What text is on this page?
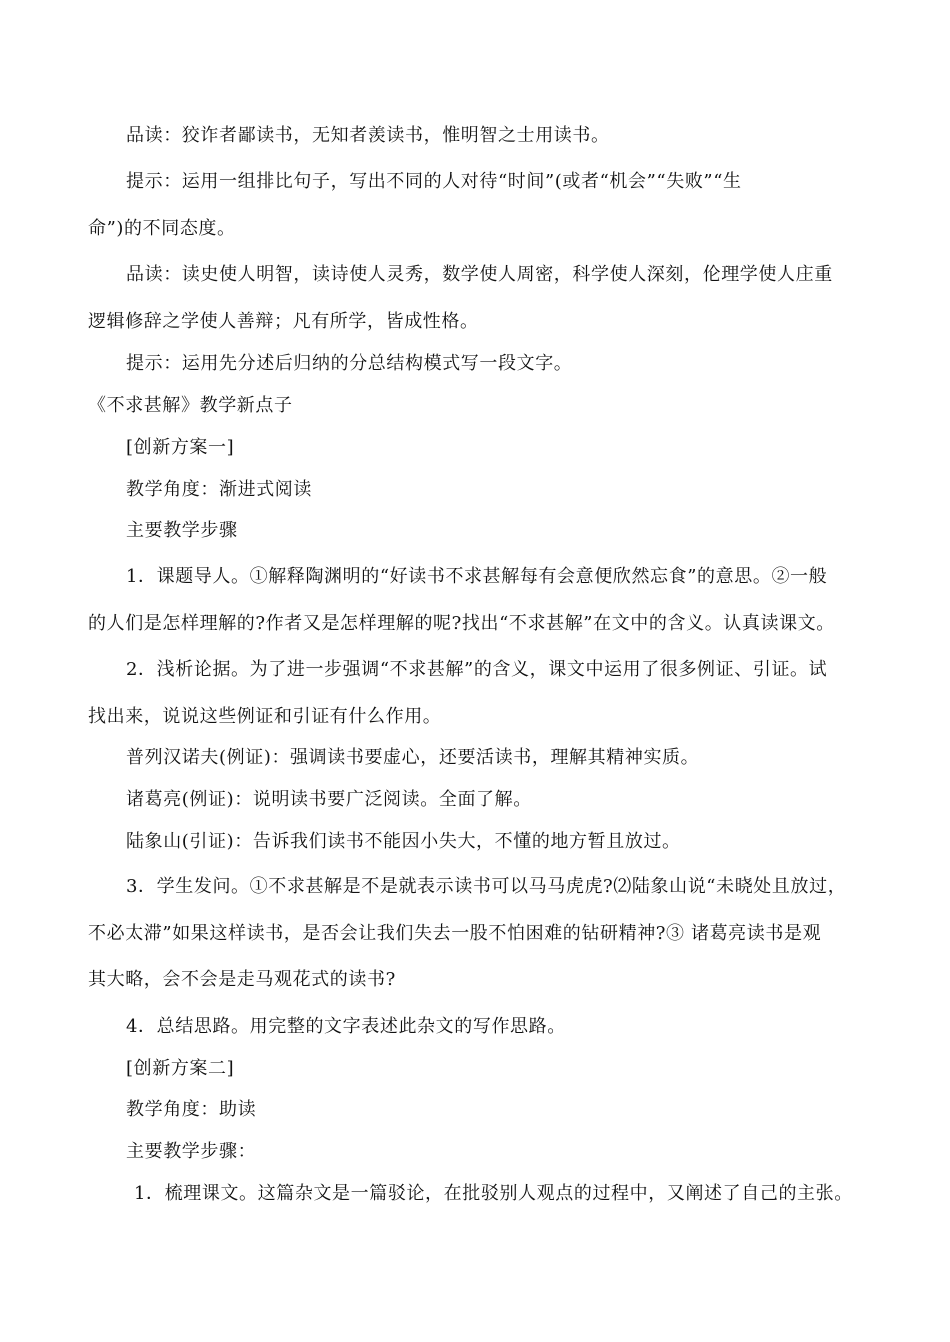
品读：狡诈者鄙读书，无知者羡读书，惟明智之士用读书。
提示：运用一组排比句子，写出不同的人对待“时间”(或者“机会”“失败”“生
命”)的不同态度。
品读：读史使人明智，读诗使人灵秀，数学使人周密，科学使人深刻，伦理学使人庄重
逻辑修辞之学使人善辩；凡有所学，皆成性格。
提示：运用先分述后归纳的分总结构模式写一段文字。
《不求甚解》教学新点子
[创新方案一]
教学角度：渐进式阅读
主要教学步骤
1．课题导人。①解释陶渊明的“好读书不求甚解每有会意便欣然忘食”的意思。②一般
的人们是怎样理解的?作者又是怎样理解的呢?找出“不求甚解”在文中的含义。认真读课文。
2．浅析论据。为了进一步强调“不求甚解”的含义，课文中运用了很多例证、引证。试
找出来，说说这些例证和引证有什么作用。
普列汉诺夫(例证)：强调读书要虚心，还要活读书，理解其精神实质。
诸葛亮(例证)：说明读书要广泛阅读。全面了解。
陆象山(引证)：告诉我们读书不能因小失大，不懂的地方暂且放过。
3．学生发问。①不求甚解是不是就表示读书可以马马虎虎?⑵陆象山说“未晓处且放过，
不必太滞”如果这样读书，是否会让我们失去一股不怕困难的钻研精神?③ 诸葛亮读书是观
其大略，会不会是走马观花式的读书?
4．总结思路。用完整的文字表述此杂文的写作思路。
[创新方案二]
教学角度：助读
主要教学步骤：
1．梳理课文。这篇杂文是一篇驳论，在批驳别人观点的过程中，又阐述了自己的主张。
